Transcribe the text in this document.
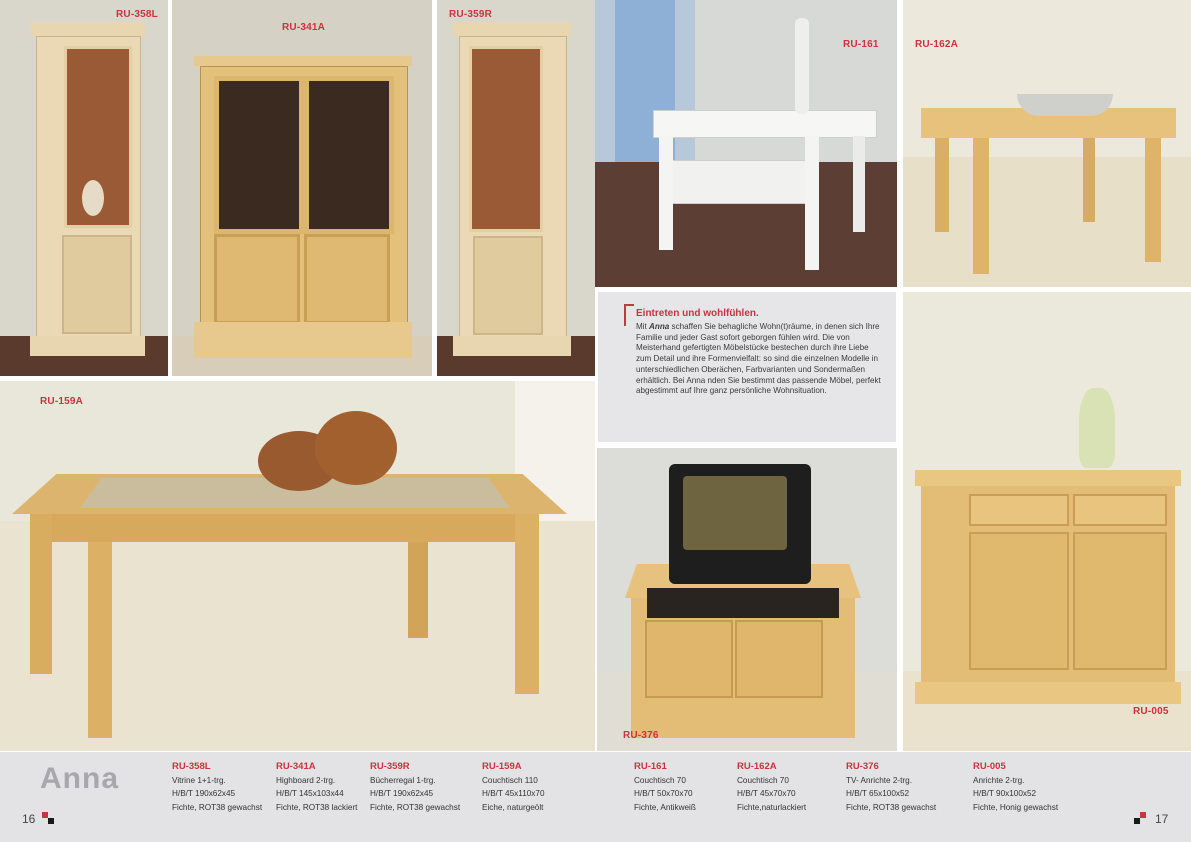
RU-358L
RU-341A
RU-359R
RU-161	RU-162A
RU-159A
Eintreten und wohlfühlen.
Mit Anna schaffen Sie behagliche Wohn(t)räume, in denen sich Ihre Familie und jeder Gast sofort geborgen fühlen wird. Die von Meisterhand gefertigten Möbelstücke bestechen durch ihre Liebe zum Detail und ihre Formenvielfalt: so sind die einzelnen Modelle in unterschiedlichen Oberächen, Farbvarianten und Sondermaßen erhältlich. Bei Anna nden Sie bestimmt das passende Möbel, perfekt abgestimmt auf Ihre ganz persönliche Wohnsituation.
RU-376
RU-005
Anna
16	17
RU-358L
Vitrine 1+1-trg.
H/B/T 190x62x45
Fichte, ROT38 gewachst
RU-341A
Highboard 2-trg.
H/B/T 145x103x44
Fichte, ROT38 lackiert
RU-359R
Bücherregal 1-trg.
H/B/T 190x62x45
Fichte, ROT38 gewachst
RU-159A
Couchtisch 110
H/B/T 45x110x70
Eiche, naturgeölt
RU-161
Couchtisch 70
H/B/T 50x70x70
Fichte, Antikweiß
RU-162A
Couchtisch 70
H/B/T 45x70x70
Fichte,naturlackiert
RU-376
TV- Anrichte 2-trg.
H/B/T 65x100x52
Fichte, ROT38 gewachst
RU-005
Anrichte 2-trg.
H/B/T 90x100x52
Fichte, Honig gewachst
